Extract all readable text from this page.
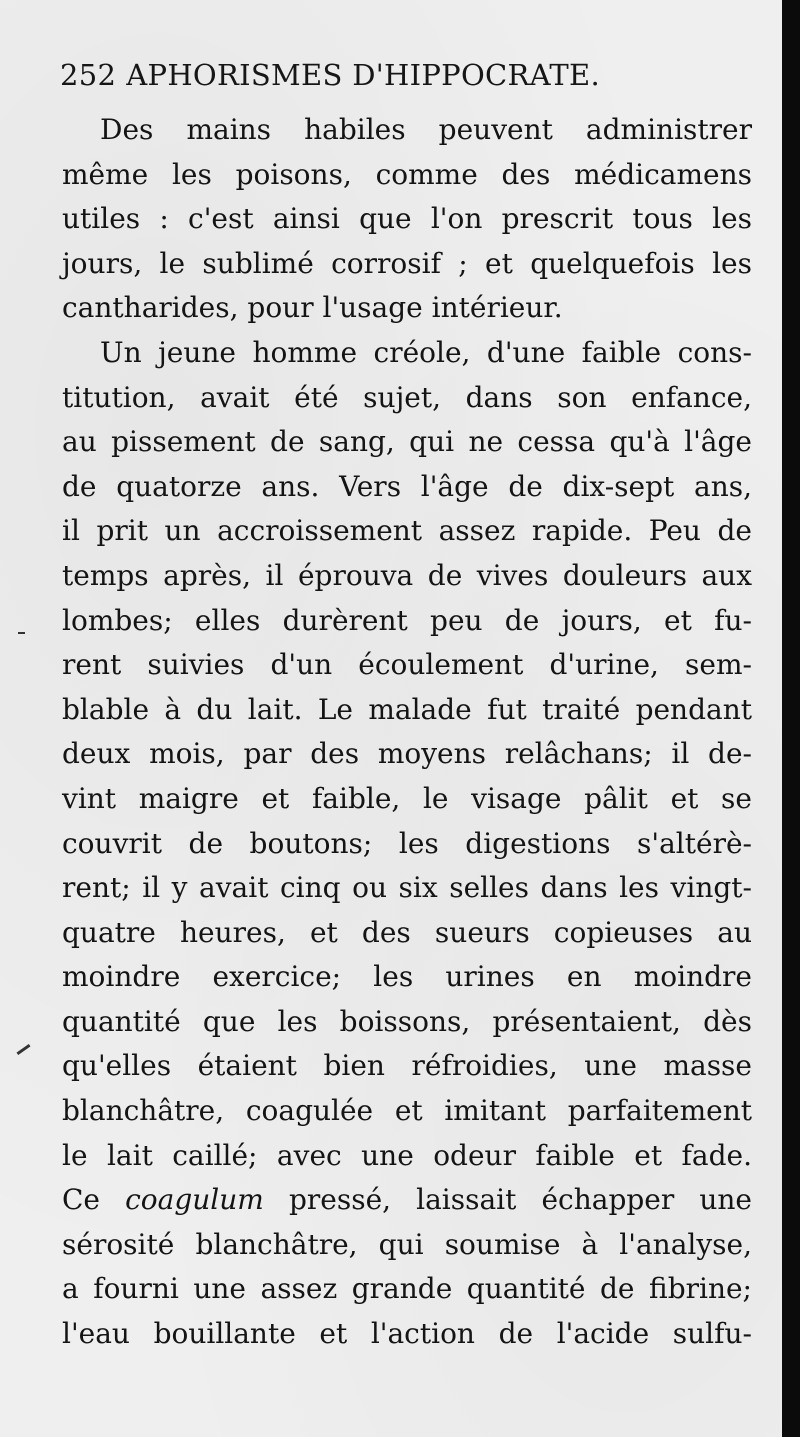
252 APHORISMES D'HIPPOCRATE.
Des mains habiles peuvent administrer
même les poisons, comme des médicamens
utiles : c'est ainsi que l'on prescrit tous les
jours, le sublimé corrosif ; et quelquefois les
cantharides, pour l'usage intérieur.
Un jeune homme créole, d'une faible cons-
titution, avait été sujet, dans son enfance,
au pissement de sang, qui ne cessa qu'à l'âge
de quatorze ans. Vers l'âge de dix-sept ans,
il prit un accroissement assez rapide. Peu de
temps après, il éprouva de vives douleurs aux
lombes; elles durèrent peu de jours, et fu-
rent suivies d'un écoulement d'urine, sem-
blable à du lait. Le malade fut traité pendant
deux mois, par des moyens relâchans; il de-
vint maigre et faible, le visage pâlit et se
couvrit de boutons; les digestions s'altérè-
rent; il y avait cinq ou six selles dans les vingt-
quatre heures, et des sueurs copieuses au
moindre exercice; les urines en moindre
quantité que les boissons, présentaient, dès
qu'elles étaient bien réfroidies, une masse
blanchâtre, coagulée et imitant parfaitement
le lait caillé; avec une odeur faible et fade.
Ce coagulum pressé, laissait échapper une
sérosité blanchâtre, qui soumise à l'analyse,
a fourni une assez grande quantité de fibrine;
l'eau bouillante et l'action de l'acide sulfu-
